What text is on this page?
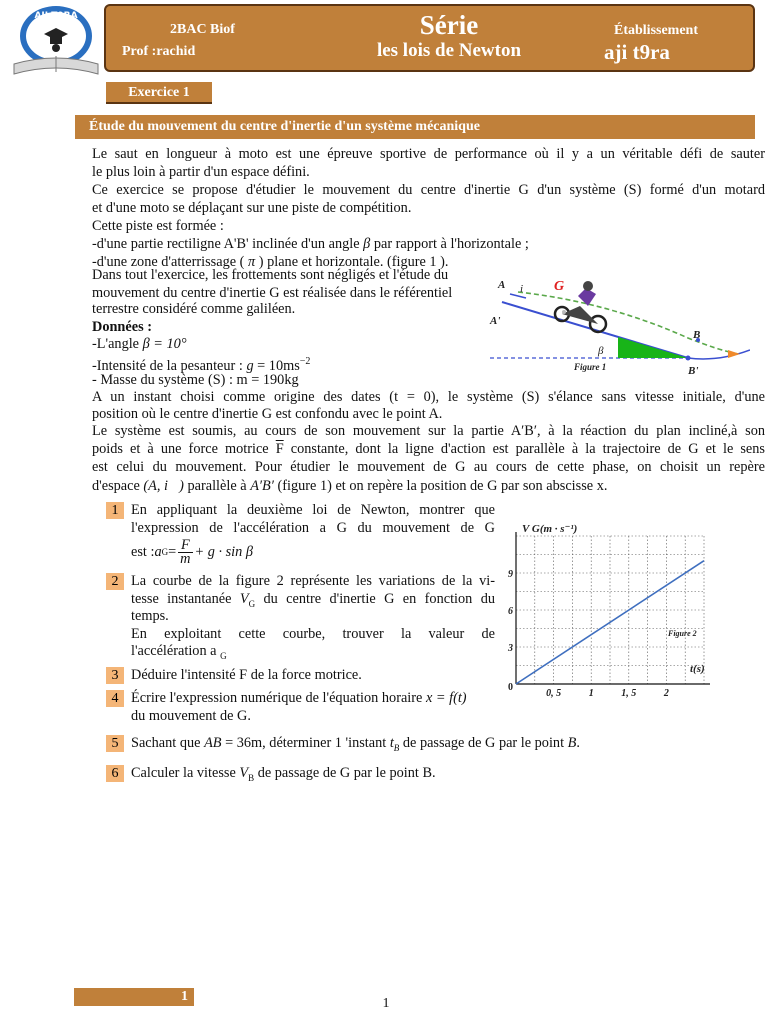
AJI T9RA
2BAC Biof
Prof :rachid
Série
les lois de Newton
Établissement
aji t9ra
Exercice 1
Étude du mouvement du centre d'inertie d'un système mécanique
Le saut en longueur à moto est une épreuve sportive de performance où il y a un véritable défi de sauter
le plus loin à partir d'un espace défini.
Ce exercice se propose d'étudier le mouvement du centre d'inertie G d'un système (S) formé d'un motard
et d'une moto se déplaçant sur une piste de compétition.
Cette piste est formée :
-d'une partie rectiligne A'B' inclinée d'un angle β par rapport à l'horizontale ;
-d'une zone d'atterrissage ( π ) plane et horizontale. (figure 1 ).
Dans tout l'exercice, les frottements sont négligés et l'étude du
mouvement du centre d'inertie G est réalisée dans le référentiel
terrestre considéré comme galiléen.
Données :
-L'angle β = 10°
-Intensité de la pesanteur : $g = 10ms^{-2}$
- Masse du système (S) : m = 190kg
A un instant choisi comme origine des dates (t = 0), le système (S) s'élance sans vitesse initiale, d'une
position où le centre d'inertie G est confondu avec le point A.
Le système est soumis, au cours de son mouvement sur la partie A′B′, à la réaction du plan incliné,à son
poids et à une force motrice $\overline{F}$ constante, dont la ligne d'action est parallèle à la trajectoire de G et le sens
est celui du mouvement. Pour étudier le mouvement de G au cours de cette phase, on choisit un repère
d'espace (A, i⃗) parallèle à A′B′ (figure 1) et on repère la position de G par son abscisse x.
A
A'
i⃗ G
B
B'
β
Figure 1
1 En appliquant la deuxième loi de Newton, montrer que
l'expression de l'accélération a G du mouvement de G
est : a $G = \frac{F}{m} + g \cdot \sin \beta$
2 La courbe de la figure 2 représente les variations de la vi-
tesse instantanée $V_G$ du centre d'inertie G en fonction du
temps.
En exploitant cette courbe, trouver la valeur de
l'accélération a $_G$
3 Déduire l'intensité F de la force motrice.
4 Écrire l'expression numérique de l'équation horaire x = f(t)
du mouvement de G.
5 Sachant que AB = 36m, déterminer 1 'instant $t_B$ de passage de G par le point B.
6 Calculer la vitesse $V_B$ de passage de G par le point B.
0, 5	1	1, 5	2
3
6
9
V G(m · s⁻¹)
t(s)
0
Figure 2
1	1
